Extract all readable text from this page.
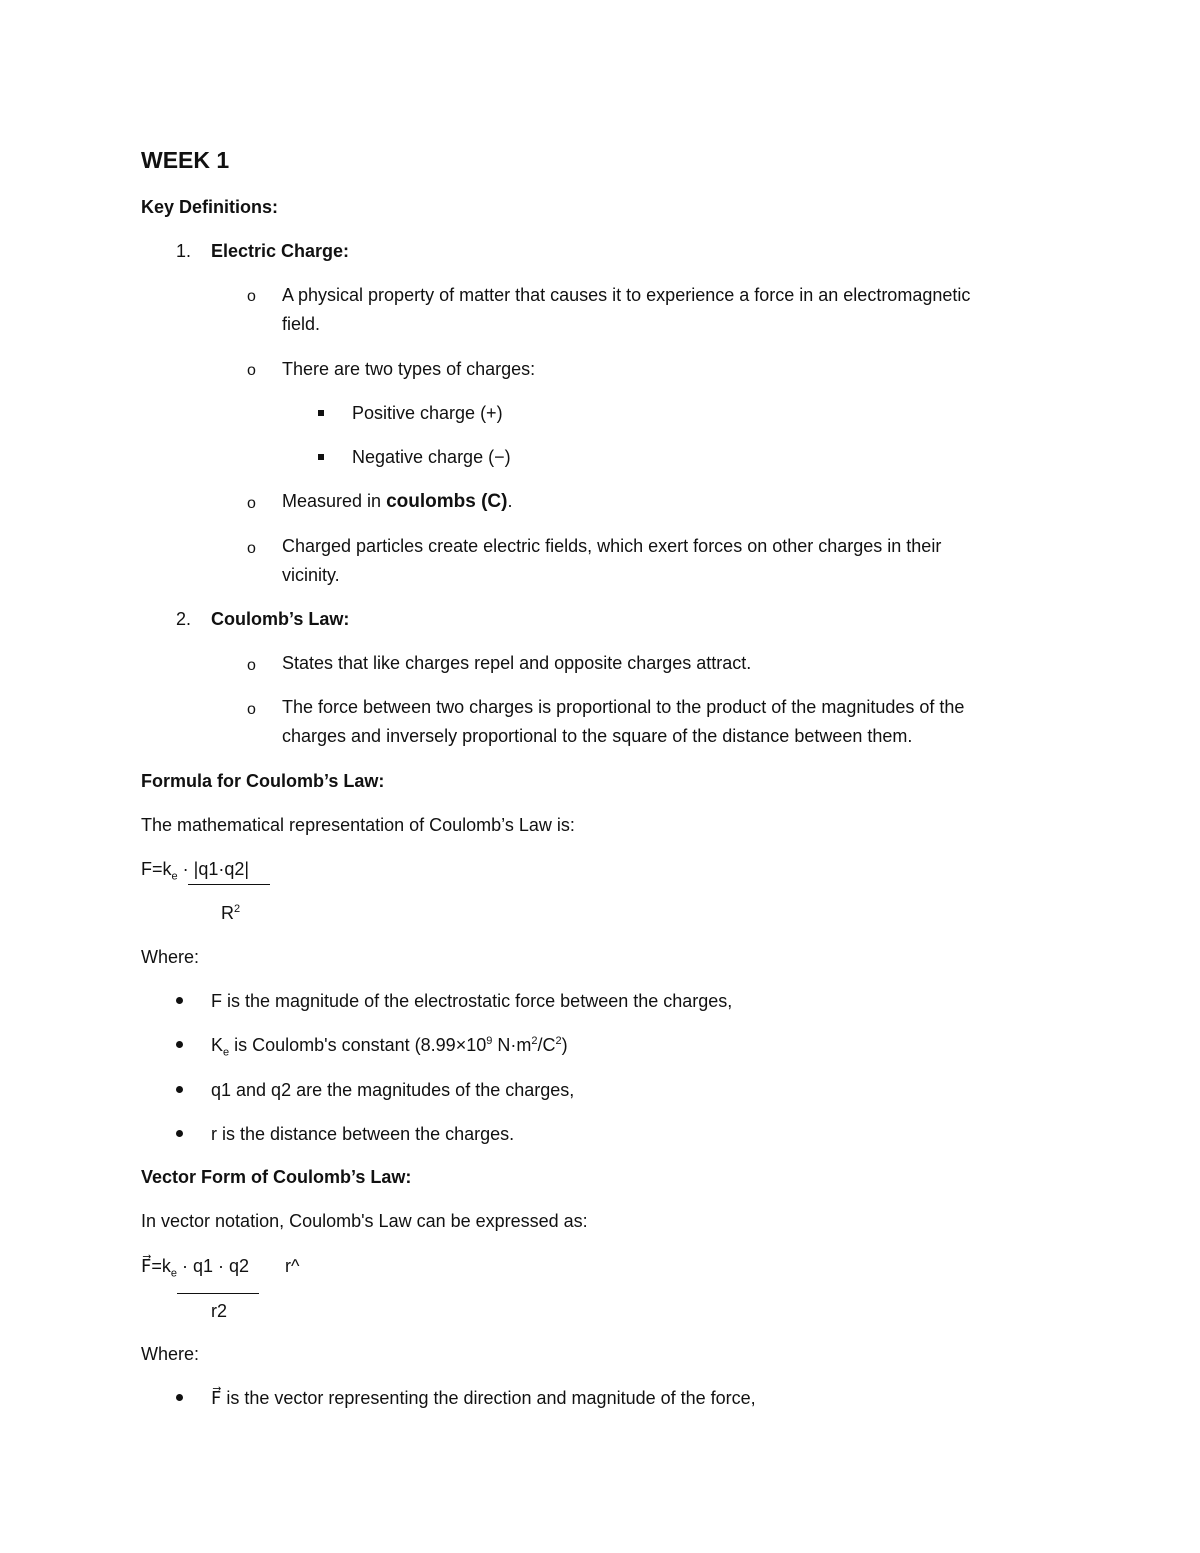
WEEK 1
Key Definitions:
1. Electric Charge:
o A physical property of matter that causes it to experience a force in an electromagnetic
field.
o There are two types of charges:
Positive charge (+)
Negative charge (−)
o Measured in coulombs (C).
o Charged particles create electric fields, which exert forces on other charges in their
vicinity.
2. Coulomb’s Law:
o States that like charges repel and opposite charges attract.
o The force between two charges is proportional to the product of the magnitudes of the
charges and inversely proportional to the square of the distance between them.
Formula for Coulomb’s Law:
The mathematical representation of Coulomb’s Law is:
$F=k_e \cdot |q1\cdot q2|$
$R^2$
Where:
F is the magnitude of the electrostatic force between the charges,
$K_e$ is Coulomb's constant ($8.99\times 10^9$ $N\cdot m^2/C^2$)
q1 and q2 are the magnitudes of the charges,
r is the distance between the charges.
Vector Form of Coulomb’s Law:
In vector notation, Coulomb's Law can be expressed as:
$F⃗=k_e \cdot q1 \cdot q2$ r^
r2
Where:
F⃗ is the vector representing the direction and magnitude of the force,
